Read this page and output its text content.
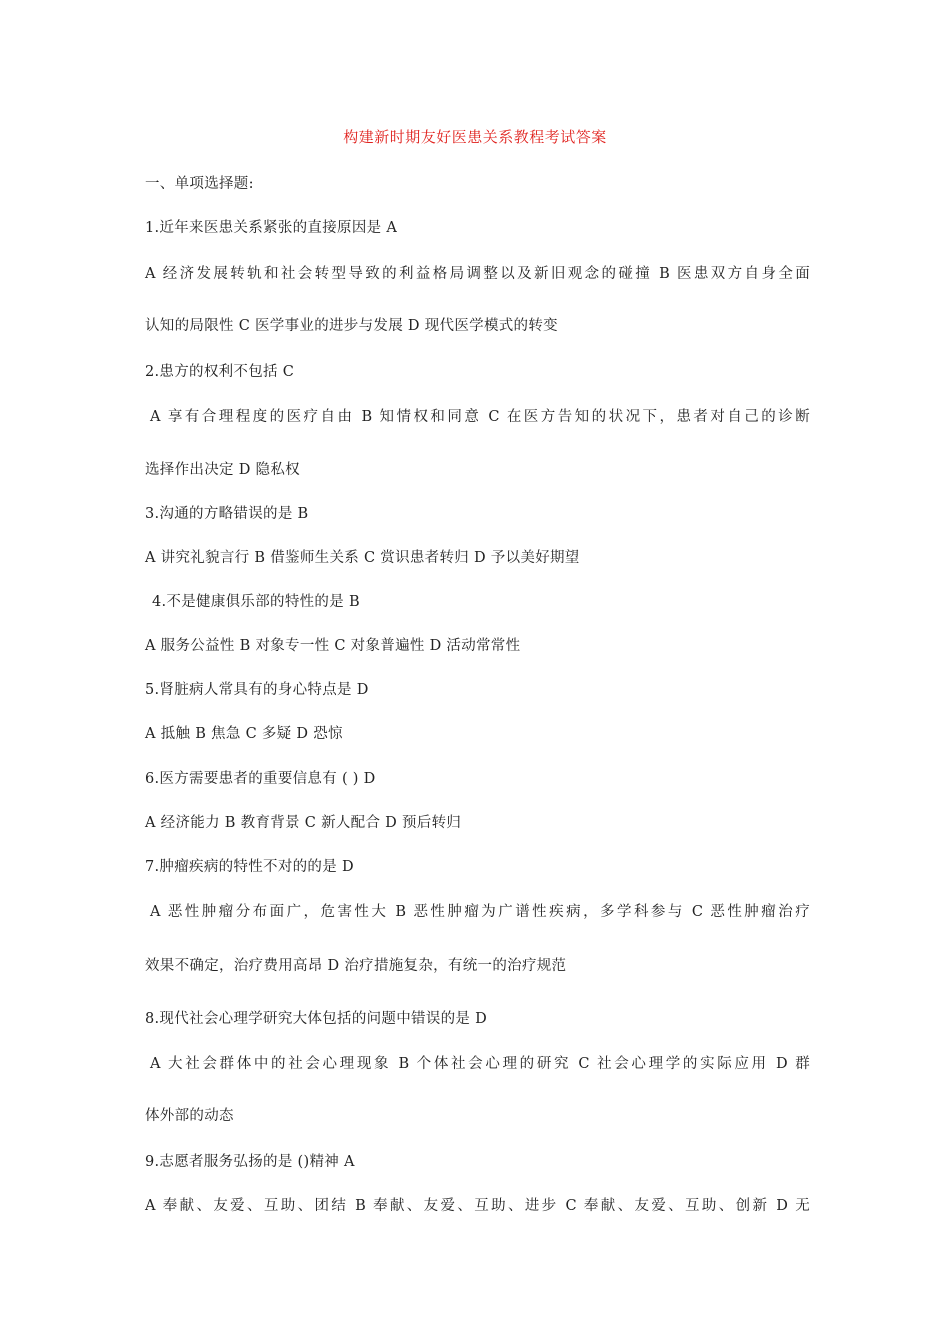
构建新时期友好医患关系教程考试答案
一、单项选择题:
1.近年来医患关系紧张的直接原因是 A
A 经济发展转轨和社会转型导致的利益格局调整以及新旧观念的碰撞 B 医患双方自身全面
认知的局限性 C 医学事业的进步与发展 D 现代医学模式的转变
2.患方的权利不包括 C
A 享有合理程度的医疗自由 B 知情权和同意 C 在医方告知的状况下，患者对自己的诊断
选择作出决定 D 隐私权
3.沟通的方略错误的是 B
A 讲究礼貌言行 B 借鉴师生关系 C 赏识患者转归 D 予以美好期望
4.不是健康俱乐部的特性的是 B
A 服务公益性 B 对象专一性 C 对象普遍性 D 活动常常性
5.肾脏病人常具有的身心特点是 D
A 抵触 B 焦急 C 多疑 D 恐惊
6.医方需要患者的重要信息有 ( ) D
A 经济能力 B 教育背景 C 新人配合 D 预后转归
7.肿瘤疾病的特性不对的的是 D
A 恶性肿瘤分布面广，危害性大 B 恶性肿瘤为广谱性疾病，多学科参与 C 恶性肿瘤治疗
效果不确定，治疗费用高昂 D 治疗措施复杂，有统一的治疗规范
8.现代社会心理学研究大体包括的问题中错误的是 D
A 大社会群体中的社会心理现象 B 个体社会心理的研究 C 社会心理学的实际应用 D 群
体外部的动态
9.志愿者服务弘扬的是 ()精神 A
A 奉献、友爱、互助、团结 B 奉献、友爱、互助、进步 C 奉献、友爱、互助、创新 D 无
